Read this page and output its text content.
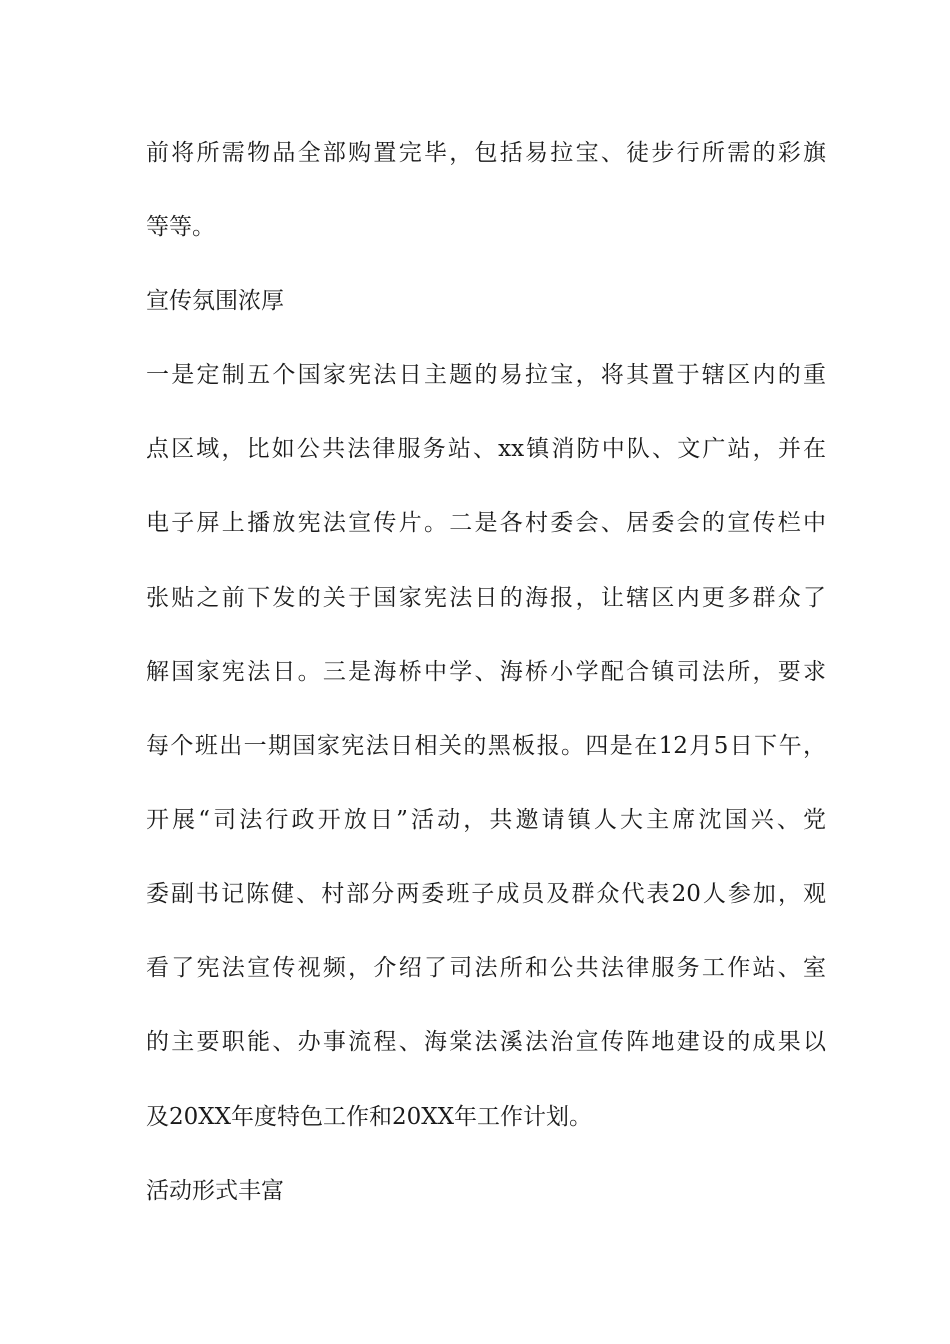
前将所需物品全部购置完毕，包括易拉宝、徒步行所需的彩旗
等等。
宣传氛围浓厚
一是定制五个国家宪法日主题的易拉宝，将其置于辖区内的重
点区域，比如公共法律服务站、xx镇消防中队、文广站，并在
电子屏上播放宪法宣传片。二是各村委会、居委会的宣传栏中
张贴之前下发的关于国家宪法日的海报，让辖区内更多群众了
解国家宪法日。三是海桥中学、海桥小学配合镇司法所，要求
每个班出一期国家宪法日相关的黑板报。四是在12月5日下午，
开展“司法行政开放日”活动，共邀请镇人大主席沈国兴、党
委副书记陈健、村部分两委班子成员及群众代表20人参加，观
看了宪法宣传视频，介绍了司法所和公共法律服务工作站、室
的主要职能、办事流程、海棠法溪法治宣传阵地建设的成果以
及20XX年度特色工作和20XX年工作计划。
活动形式丰富
